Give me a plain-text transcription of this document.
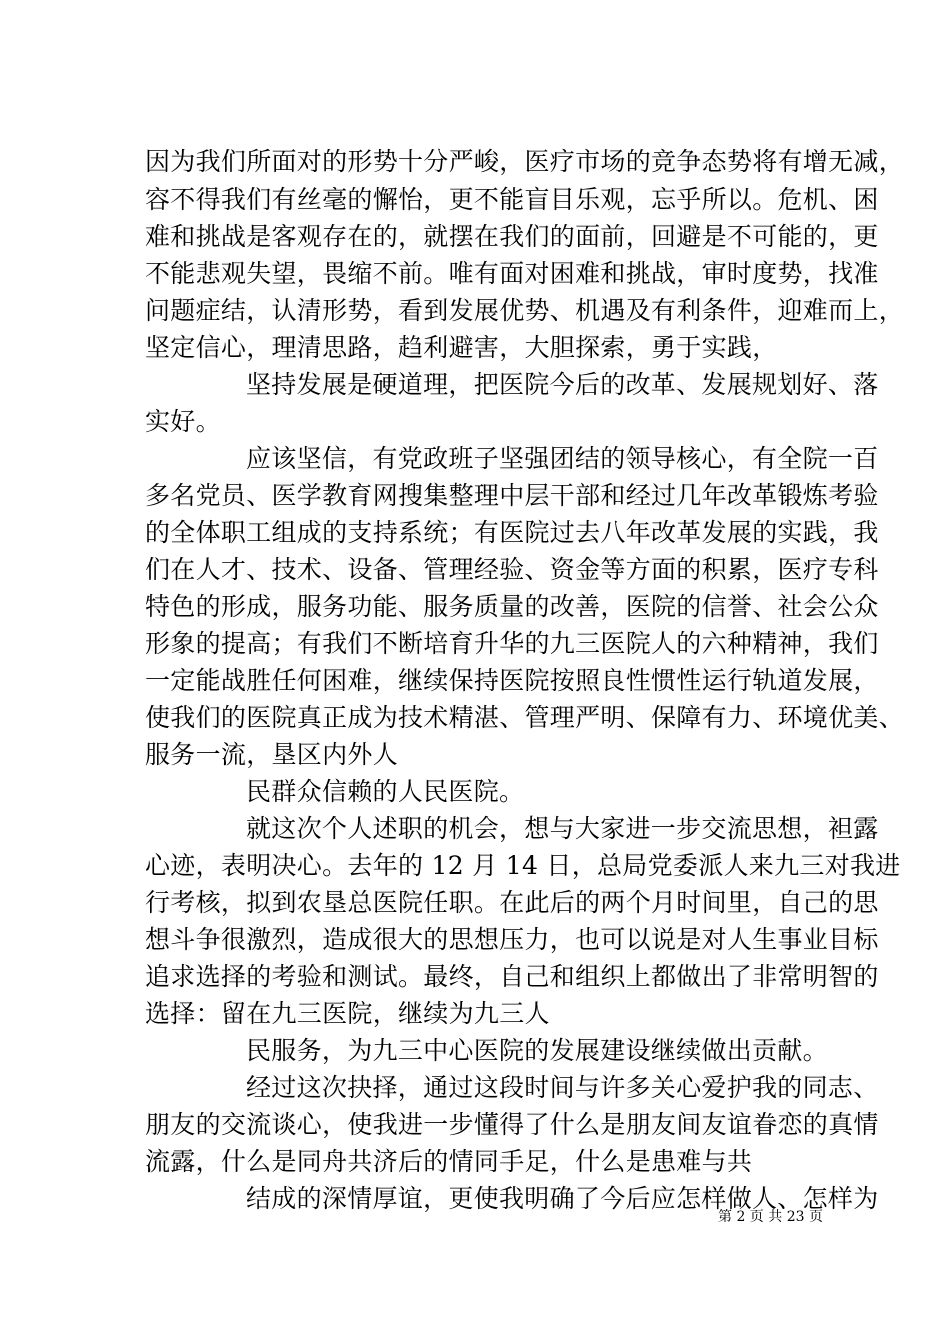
因为我们所面对的形势十分严峻，医疗市场的竞争态势将有增无减，
容不得我们有丝毫的懈怡，更不能盲目乐观，忘乎所以。危机、困
难和挑战是客观存在的，就摆在我们的面前，回避是不可能的，更
不能悲观失望，畏缩不前。唯有面对困难和挑战，审时度势，找准
问题症结，认清形势，看到发展优势、机遇及有利条件，迎难而上，
坚定信心，理清思路，趋利避害，大胆探索，勇于实践，
坚持发展是硬道理，把医院今后的改革、发展规划好、落
实好。
应该坚信，有党政班子坚强团结的领导核心，有全院一百
多名党员、医学教育网搜集整理中层干部和经过几年改革锻炼考验
的全体职工组成的支持系统；有医院过去八年改革发展的实践，我
们在人才、技术、设备、管理经验、资金等方面的积累，医疗专科
特色的形成，服务功能、服务质量的改善，医院的信誉、社会公众
形象的提高；有我们不断培育升华的九三医院人的六种精神，我们
一定能战胜任何困难，继续保持医院按照良性惯性运行轨道发展，
使我们的医院真正成为技术精湛、管理严明、保障有力、环境优美、
服务一流，垦区内外人
民群众信赖的人民医院。
就这次个人述职的机会，想与大家进一步交流思想，袒露
心迹，表明决心。去年的 12 月 14 日，总局党委派人来九三对我进
行考核，拟到农垦总医院任职。在此后的两个月时间里，自己的思
想斗争很激烈，造成很大的思想压力，也可以说是对人生事业目标
追求选择的考验和测试。最终，自己和组织上都做出了非常明智的
选择：留在九三医院，继续为九三人
民服务，为九三中心医院的发展建设继续做出贡献。
经过这次抉择，通过这段时间与许多关心爱护我的同志、
朋友的交流谈心，使我进一步懂得了什么是朋友间友谊眷恋的真情
流露，什么是同舟共济后的情同手足，什么是患难与共
结成的深情厚谊，更使我明确了今后应怎样做人、怎样为
第 2 页 共 23 页
